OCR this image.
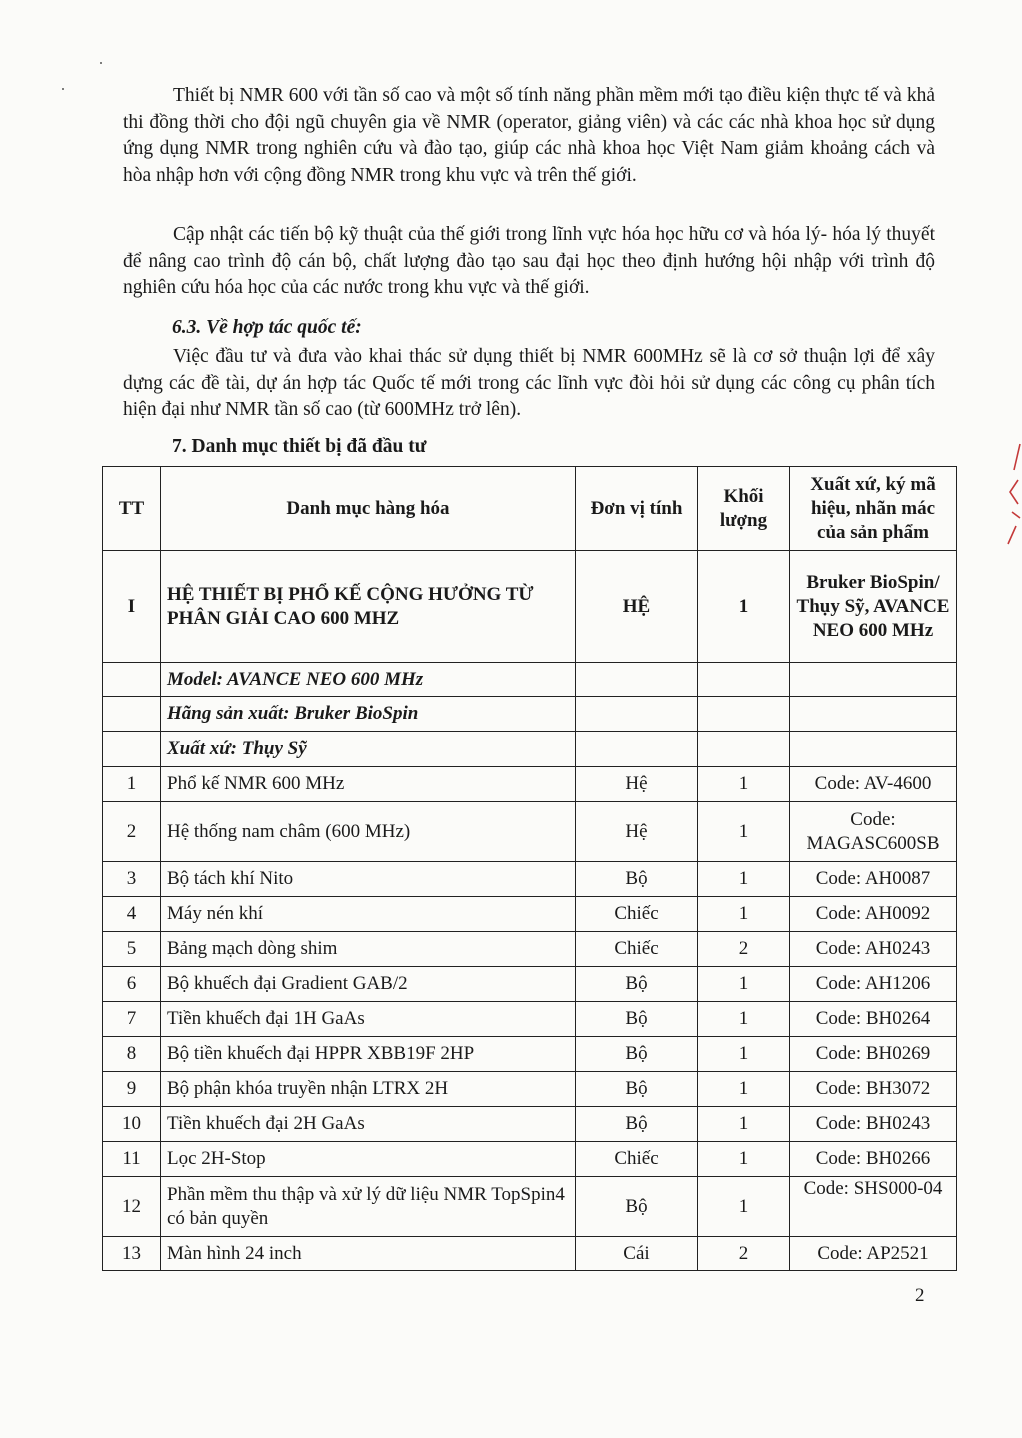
Thiết bị NMR 600 với tần số cao và một số tính năng phần mềm mới tạo điều kiện thực tế và khả thi đồng thời cho đội ngũ chuyên gia về NMR (operator, giảng viên) và các các nhà khoa học sử dụng ứng dụng NMR trong nghiên cứu và đào tạo, giúp các nhà khoa học Việt Nam giảm khoảng cách và hòa nhập hơn với cộng đồng NMR trong khu vực và trên thế giới.

Cập nhật các tiến bộ kỹ thuật của thế giới trong lĩnh vực hóa học hữu cơ và hóa lý- hóa lý thuyết để nâng cao trình độ cán bộ, chất lượng đào tạo sau đại học theo định hướng hội nhập với trình độ nghiên cứu hóa học của các nước trong khu vực và thế giới.

6.3. Về hợp tác quốc tế:

Việc đầu tư và đưa vào khai thác sử dụng thiết bị NMR 600MHz sẽ là cơ sở thuận lợi để xây dựng các đề tài, dự án hợp tác Quốc tế mới trong các lĩnh vực đòi hỏi sử dụng các công cụ phân tích hiện đại như NMR tần số cao (từ 600MHz trở lên).

7. Danh mục thiết bị đã đầu tư

TT	Danh mục hàng hóa	Đơn vị tính	Khối lượng	Xuất xứ, ký mã hiệu, nhãn mác của sản phẩm
I	HỆ THIẾT BỊ PHỔ KẾ CỘNG HƯỞNG TỪ PHÂN GIẢI CAO 600 MHZ	HỆ	1	Bruker BioSpin/ Thụy Sỹ, AVANCE NEO 600 MHz
	Model: AVANCE NEO 600 MHz			
	Hãng sản xuất: Bruker BioSpin			
	Xuất xứ: Thụy Sỹ			
1	Phổ kế NMR 600 MHz	Hệ	1	Code: AV-4600
2	Hệ thống nam châm (600 MHz)	Hệ	1	Code: MAGASC600SB
3	Bộ tách khí Nito	Bộ	1	Code: AH0087
4	Máy nén khí	Chiếc	1	Code: AH0092
5	Bảng mạch dòng shim	Chiếc	2	Code: AH0243
6	Bộ khuếch đại Gradient GAB/2	Bộ	1	Code: AH1206
7	Tiền khuếch đại 1H GaAs	Bộ	1	Code: BH0264
8	Bộ tiền khuếch đại HPPR XBB19F 2HP	Bộ	1	Code: BH0269
9	Bộ phận khóa truyền nhận LTRX 2H	Bộ	1	Code: BH3072
10	Tiền khuếch đại 2H GaAs	Bộ	1	Code: BH0243
11	Lọc 2H-Stop	Chiếc	1	Code: BH0266
12	Phần mềm thu thập và xử lý dữ liệu NMR TopSpin4 có bản quyền	Bộ	1	Code: SHS000-04
13	Màn hình 24 inch	Cái	2	Code: AP2521

2
